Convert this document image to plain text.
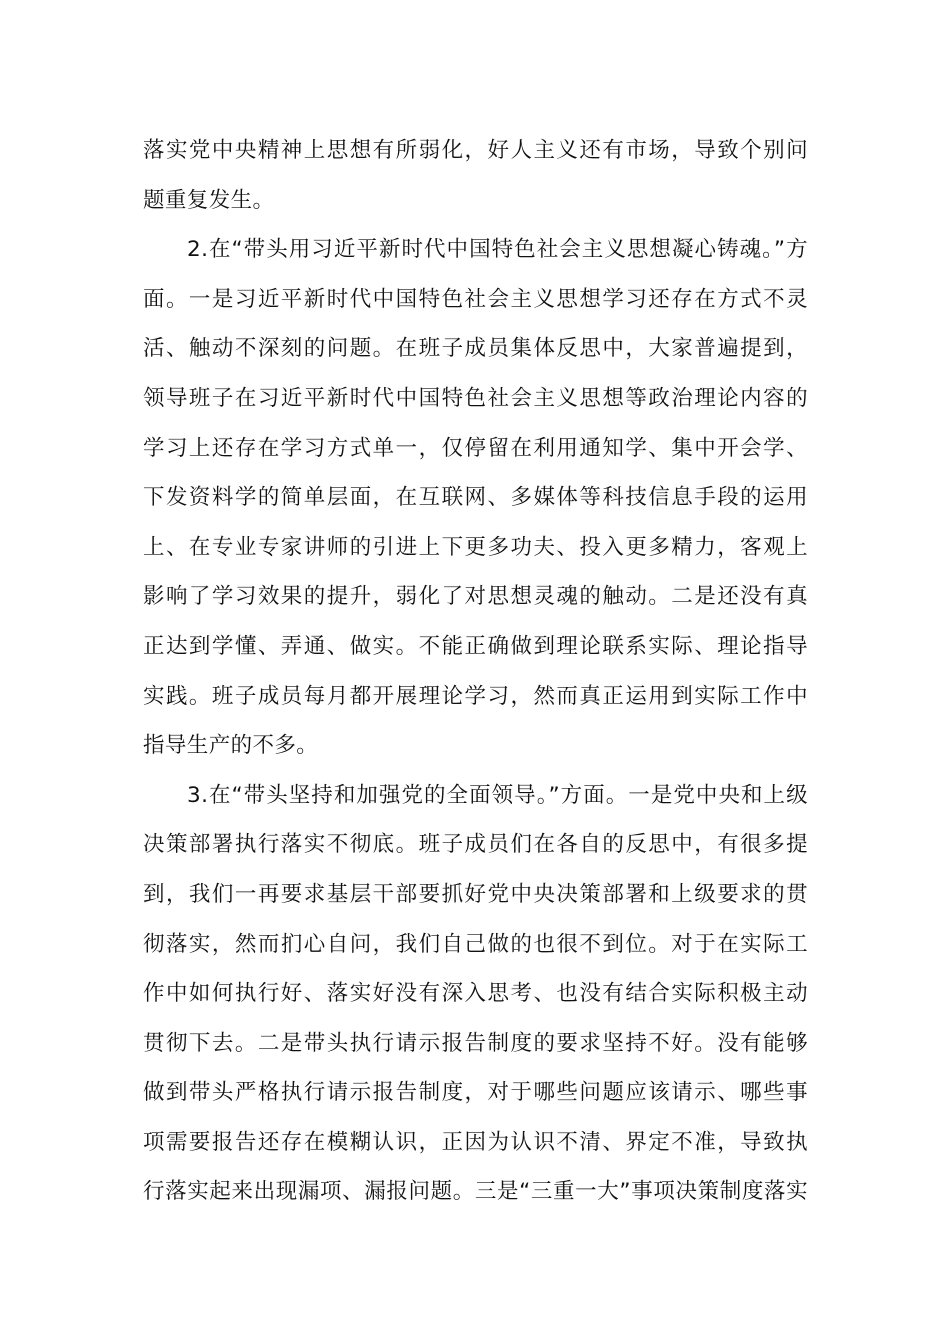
落实党中央精神上思想有所弱化，好人主义还有市场，导致个别问
题重复发生。
2.在“带头用习近平新时代中国特色社会主义思想凝心铸魂。”方
面。一是习近平新时代中国特色社会主义思想学习还存在方式不灵
活、触动不深刻的问题。在班子成员集体反思中，大家普遍提到，
领导班子在习近平新时代中国特色社会主义思想等政治理论内容的
学习上还存在学习方式单一，仅停留在利用通知学、集中开会学、
下发资料学的简单层面，在互联网、多媒体等科技信息手段的运用
上、在专业专家讲师的引进上下更多功夫、投入更多精力，客观上
影响了学习效果的提升，弱化了对思想灵魂的触动。二是还没有真
正达到学懂、弄通、做实。不能正确做到理论联系实际、理论指导
实践。班子成员每月都开展理论学习，然而真正运用到实际工作中
指导生产的不多。
3.在“带头坚持和加强党的全面领导。”方面。一是党中央和上级
决策部署执行落实不彻底。班子成员们在各自的反思中，有很多提
到，我们一再要求基层干部要抓好党中央决策部署和上级要求的贯
彻落实，然而扪心自问，我们自己做的也很不到位。对于在实际工
作中如何执行好、落实好没有深入思考、也没有结合实际积极主动
贯彻下去。二是带头执行请示报告制度的要求坚持不好。没有能够
做到带头严格执行请示报告制度，对于哪些问题应该请示、哪些事
项需要报告还存在模糊认识，正因为认识不清、界定不准，导致执
行落实起来出现漏项、漏报问题。三是“三重一大”事项决策制度落实
